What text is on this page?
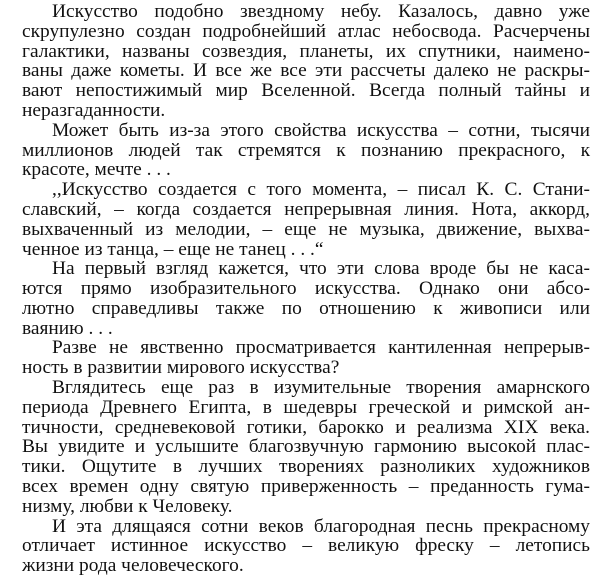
Искусство подобно звездному небу. Казалось, давно уже
скрупулезно создан подробнейший атлас небосвода. Расчерчены
галактики, названы созвездия, планеты, их спутники, наимено-
ваны даже кометы. И все же все эти рассчеты далеко не раскры-
вают непостижимый мир Вселенной. Всегда полный тайны и
неразгаданности.
Может быть из-за этого свойства искусства – сотни, тысячи
миллионов людей так стремятся к познанию прекрасного, к
красоте, мечте . . .
,,Искусство создается с того момента, – писал К. С. Стани-
славский, – когда создается непрерывная линия. Нота, аккорд,
выхваченный из мелодии, – еще не музыка, движение, выхва-
ченное из танца, – еще не танец . . .“
На первый взгляд кажется, что эти слова вроде бы не каса-
ются прямо изобразительного искусства. Однако они абсо-
лютно справедливы также по отношению к живописи или
ваянию . . .
Разве не явственно просматривается кантиленная непрерыв-
ность в развитии мирового искусства?
Вглядитесь еще раз в изумительные творения амарнского
периода Древнего Египта, в шедевры греческой и римской ан-
тичности, средневековой готики, барокко и реализма XIX века.
Вы увидите и услышите благозвучную гармонию высокой плас-
тики. Ощутите в лучших творениях разноликих художников
всех времен одну святую приверженность – преданность гума-
низму, любви к Человеку.
И эта длящаяся сотни веков благородная песнь прекрасному
отличает истинное искусство – великую фреску – летопись
жизни рода человеческого.
